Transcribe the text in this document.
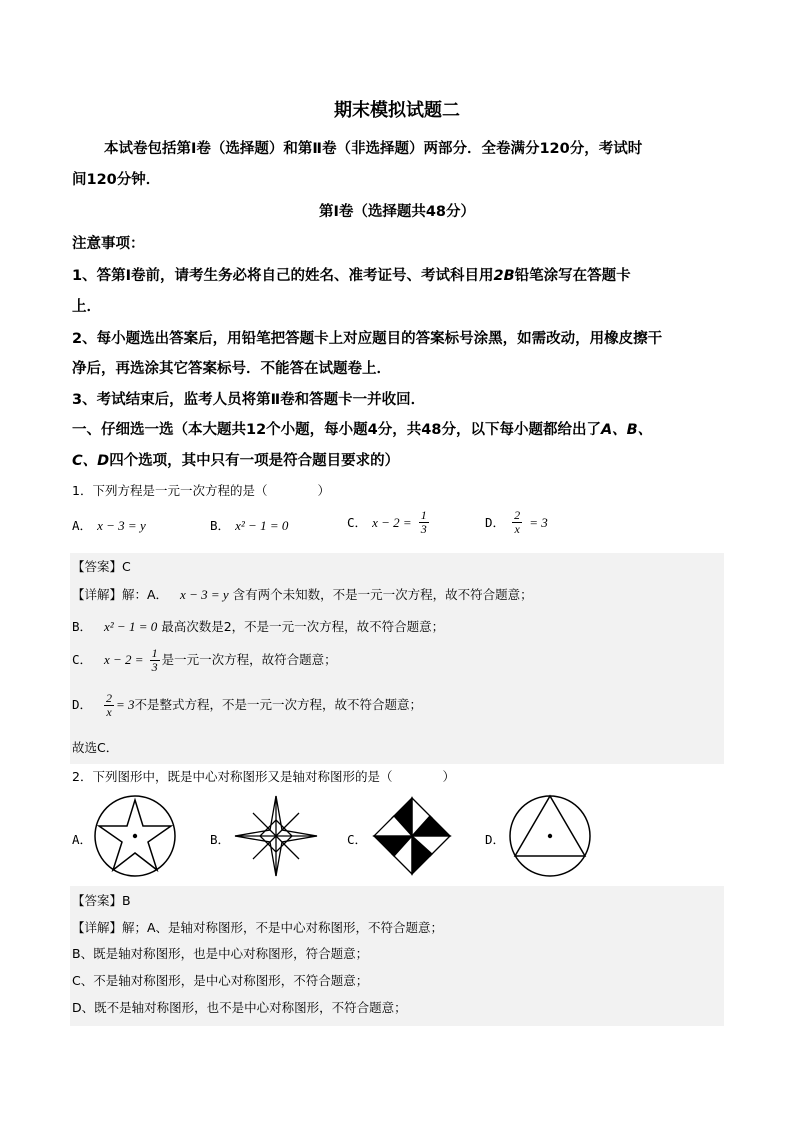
期末模拟试题二
本试卷包括第Ⅰ卷（选择题）和第Ⅱ卷（非选择题）两部分．全卷满分120分，考试时
间120分钟．
第Ⅰ卷（选择题共48分）
注意事项：
1、答第Ⅰ卷前，请考生务必将自己的姓名、准考证号、考试科目用2B铅笔涂写在答题卡
上．
2、每小题选出答案后，用铅笔把答题卡上对应题目的答案标号涂黑，如需改动，用橡皮擦干
净后，再选涂其它答案标号．不能答在试题卷上．
3、考试结束后，监考人员将第Ⅱ卷和答题卡一并收回．
一、仔细选一选（本大题共12个小题，每小题4分，共48分，以下每小题都给出了A、B、
C、D四个选项，其中只有一项是符合题目要求的）
1．下列方程是一元一次方程的是（　　　　）
A． x − 3 = y	B． x² − 1 = 0	C． $x - 2 = \frac{1}{3}$	D． $\frac{2}{x} = 3$
【答案】C
【详解】解：A． x − 3 = y 含有两个未知数，不是一元一次方程，故不符合题意；
B． x² − 1 = 0 最高次数是2，不是一元一次方程，故不符合题意；
C． $x - 2 = \frac{1}{3}$ 是一元一次方程，故符合题意；
D． $\frac{2}{x} = 3$不是整式方程，不是一元一次方程，故不符合题意；
故选C．
2．下列图形中，既是中心对称图形又是轴对称图形的是（　　　　）
A．	B．	C．	D．
【答案】B
【详解】解；A、是轴对称图形，不是中心对称图形，不符合题意；
B、既是轴对称图形，也是中心对称图形，符合题意；
C、不是轴对称图形，是中心对称图形，不符合题意；
D、既不是轴对称图形，也不是中心对称图形，不符合题意；
